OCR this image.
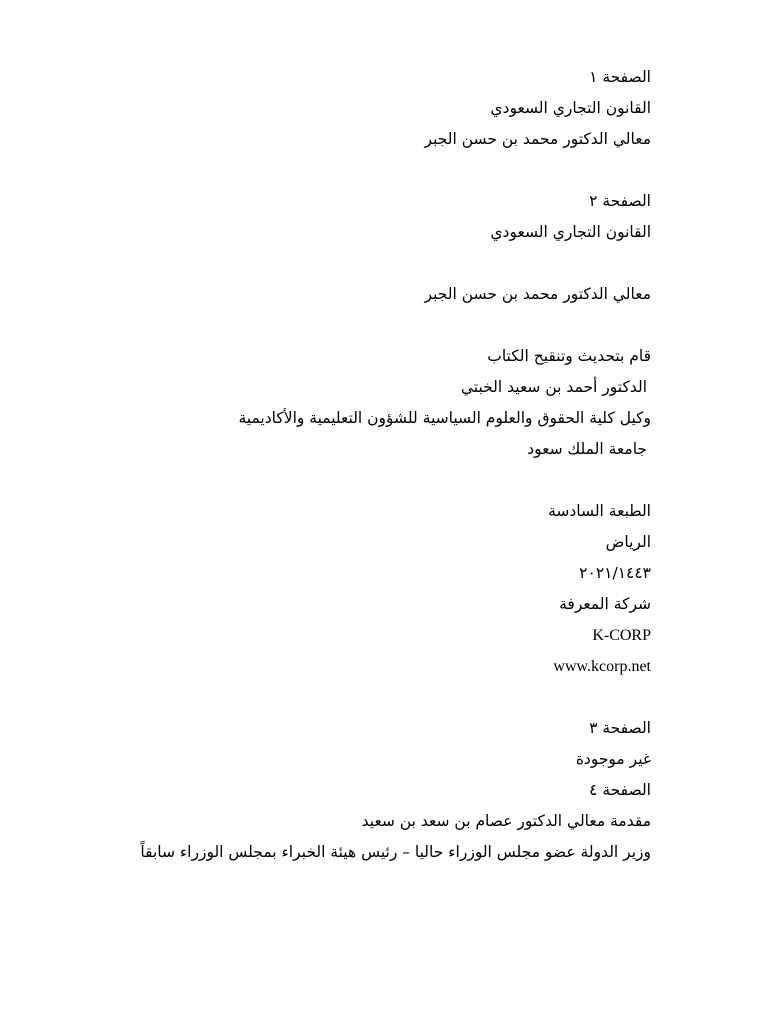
الصفحة ١
القانون التجاري السعودي
معالي الدكتور محمد بن حسن الجبر
الصفحة ٢
القانون التجاري السعودي
معالي الدكتور محمد بن حسن الجبر
قام بتحديث وتنقيح الكتاب
الدكتور أحمد بن سعيد الخبتي
وكيل كلية الحقوق والعلوم السياسية للشؤون التعليمية والأكاديمية
جامعة الملك سعود
الطبعة السادسة
الرياض
٢٠٢١/١٤٤٣
شركة المعرفة
K-CORP
www.kcorp.net
الصفحة ٣
غير موجودة
الصفحة ٤
مقدمة معالي الدكتور عصام بن سعد بن سعيد
وزير الدولة عضو مجلس الوزراء حاليا – رئيس هيئة الخبراء بمجلس الوزراء سابقاً
